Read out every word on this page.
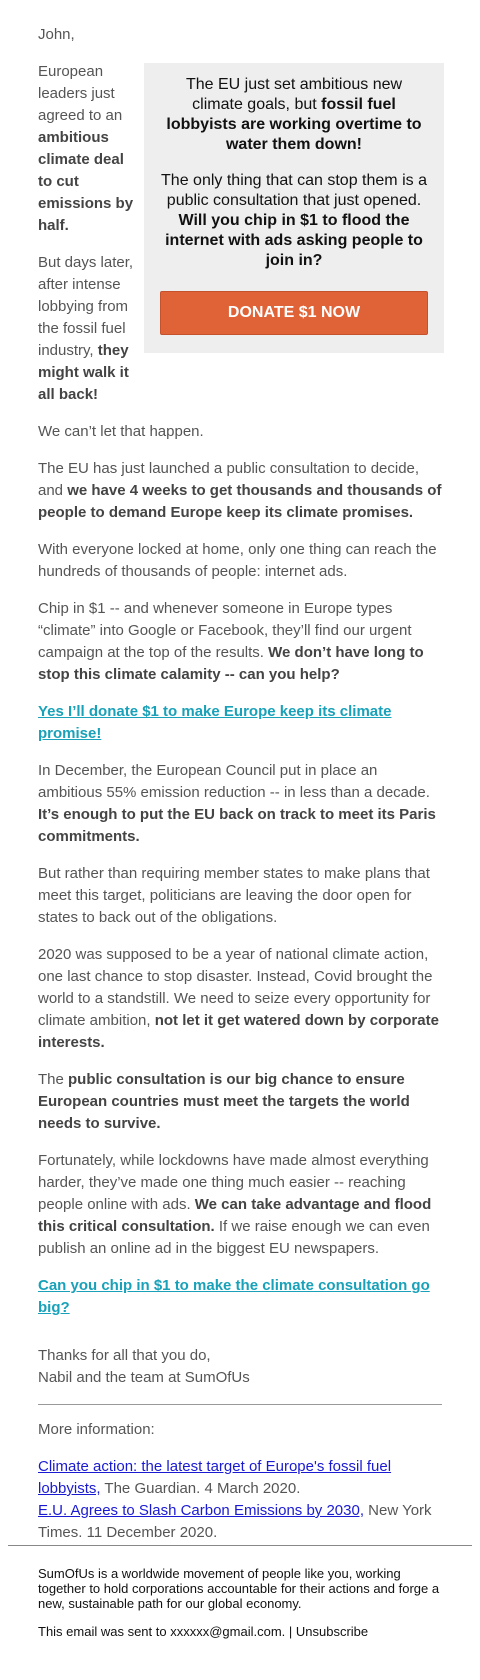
John,

The EU just set ambitious new climate goals, but fossil fuel lobbyists are working overtime to water them down!

The only thing that can stop them is a public consultation that just opened. Will you chip in $1 to flood the internet with ads asking people to join in?

DONATE $1 NOW

European leaders just agreed to an ambitious climate deal to cut emissions by half.

But days later, after intense lobbying from the fossil fuel industry, they might walk it all back!

We can’t let that happen.

The EU has just launched a public consultation to decide, and we have 4 weeks to get thousands and thousands of people to demand Europe keep its climate promises.

With everyone locked at home, only one thing can reach the hundreds of thousands of people: internet ads.

Chip in $1 -- and whenever someone in Europe types “climate” into Google or Facebook, they’ll find our urgent campaign at the top of the results. We don’t have long to stop this climate calamity -- can you help?

Yes I’ll donate $1 to make Europe keep its climate promise!

In December, the European Council put in place an ambitious 55% emission reduction -- in less than a decade. It’s enough to put the EU back on track to meet its Paris commitments.

But rather than requiring member states to make plans that meet this target, politicians are leaving the door open for states to back out of the obligations.

2020 was supposed to be a year of national climate action, one last chance to stop disaster. Instead, Covid brought the world to a standstill. We need to seize every opportunity for climate ambition, not let it get watered down by corporate interests.

The public consultation is our big chance to ensure European countries must meet the targets the world needs to survive.

Fortunately, while lockdowns have made almost everything harder, they’ve made one thing much easier -- reaching people online with ads. We can take advantage and flood this critical consultation. If we raise enough we can even publish an online ad in the biggest EU newspapers.

Can you chip in $1 to make the climate consultation go big?

Thanks for all that you do,
Nabil and the team at SumOfUs

More information:

Climate action: the latest target of Europe's fossil fuel lobbyists, The Guardian. 4 March 2020.

E.U. Agrees to Slash Carbon Emissions by 2030, New York Times. 11 December 2020.

SumOfUs is a worldwide movement of people like you, working together to hold corporations accountable for their actions and forge a new, sustainable path for our global economy.

This email was sent to xxxxxx@gmail.com. | Unsubscribe
